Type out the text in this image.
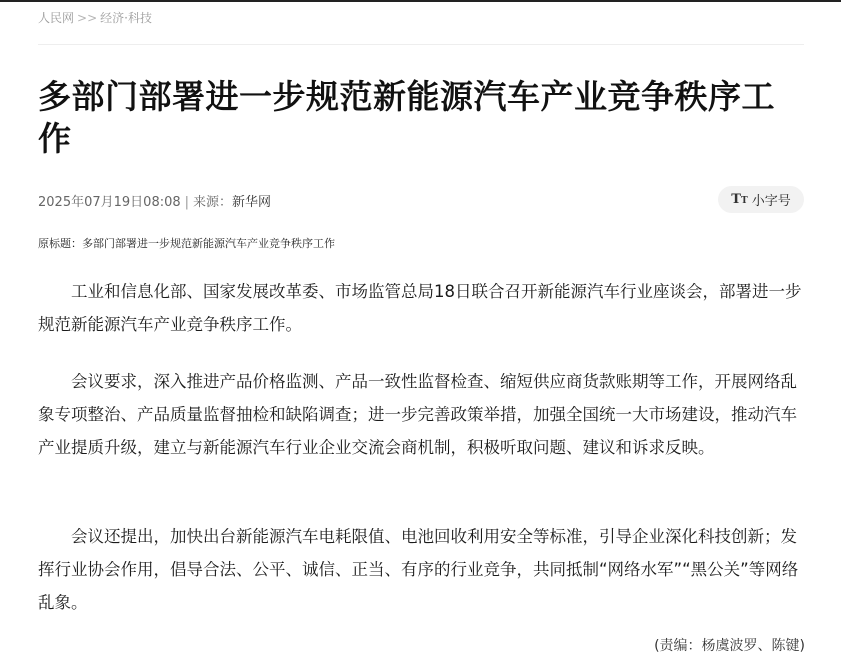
人民网 >> 经济·科技
多部门部署进一步规范新能源汽车产业竞争秩序工作
2025年07月19日08:08 | 来源：新华网	TT 小字号
原标题：多部门部署进一步规范新能源汽车产业竞争秩序工作

工业和信息化部、国家发展改革委、市场监管总局18日联合召开新能源汽车行业座谈会，部署进一步规范新能源汽车产业竞争秩序工作。

会议要求，深入推进产品价格监测、产品一致性监督检查、缩短供应商货款账期等工作，开展网络乱象专项整治、产品质量监督抽检和缺陷调查；进一步完善政策举措，加强全国统一大市场建设，推动汽车产业提质升级，建立与新能源汽车行业企业交流会商机制，积极听取问题、建议和诉求反映。

会议还提出，加快出台新能源汽车电耗限值、电池回收利用安全等标准，引导企业深化科技创新；发挥行业协会作用，倡导合法、公平、诚信、正当、有序的行业竞争，共同抵制“网络水军”“黑公关”等网络乱象。

(责编：杨虞波罗、陈键)
